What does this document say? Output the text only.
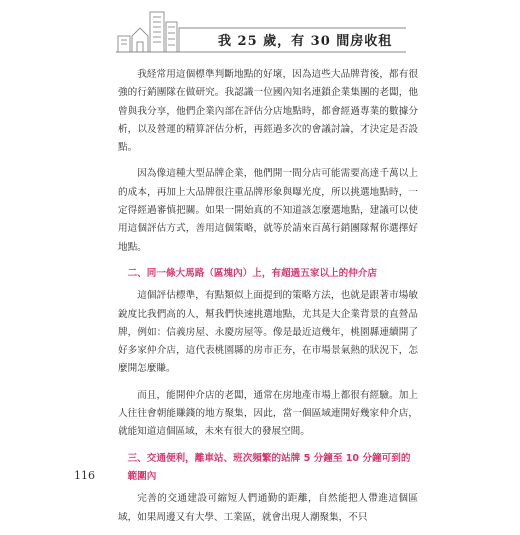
我 25 歲，有 30 間房收租

我経常用這個標準判斷地點的好壞，因為這些大品牌背後，都有很強的行銷團隊在做研究。我認識一位國內知名連鎖企業集團的老闆，他曾與我分享，他們企業內部在評估分店地點時，都會經過專業的數據分析，以及營運的精算評估分析，再經過多次的會議討論，才決定是否設點。

因為像這種大型品牌企業，他們開一間分店可能需要高達千萬以上的成本，再加上大品牌很注重品牌形象與曝光度，所以挑選地點時，一定得經過審慎把關。如果一開始真的不知道該怎麼選地點，建議可以使用這個評估方式，善用這個策略，就等於請來百萬行銷團隊幫你選擇好地點。

二、同一條大馬路（區塊內）上，有超過五家以上的仲介店

這個評估標準，有點類似上面提到的策略方法，也就是跟著市場敏銳度比我們高的人，幫我們快速挑選地點，尤其是大企業背景的直營品牌，例如：信義房屋、永慶房屋等。像是最近這幾年，桃園縣連續開了好多家仲介店，這代表桃園縣的房市正夯，在市場景氣熱的狀況下，怎麼開怎麼賺。

而且，能開仲介店的老闆，通常在房地產市場上都很有經驗。加上人往往會朝能賺錢的地方聚集，因此，當一個區域連開好幾家仲介店，就能知道這個區域，未來有很大的發展空間。

三、交通便利，離車站、班次頻繁的站牌 5 分鐘至 10 分鐘可到的範圍內

完善的交通建設可縮短人們通勤的距離，自然能把人帶進這個區域，如果周邊又有大學、工業區，就會出現人潮聚集，不只

116
